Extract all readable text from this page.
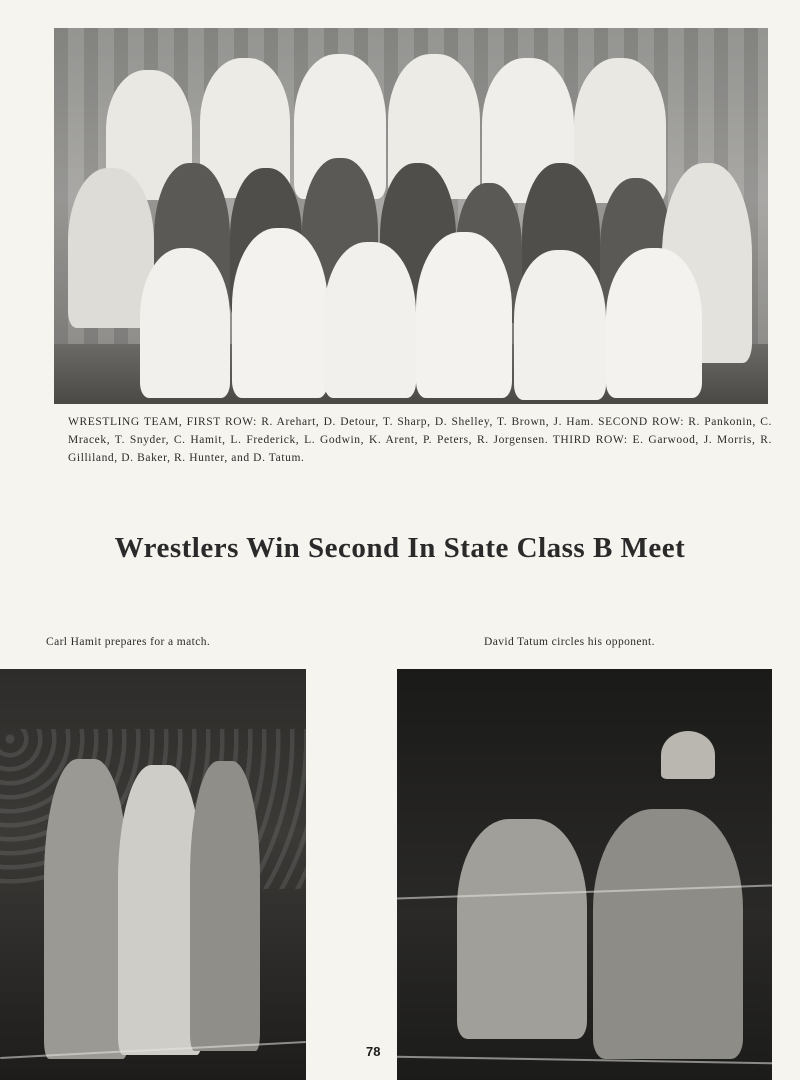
WRESTLING TEAM, FIRST ROW: R. Arehart, D. Detour, T. Sharp, D. Shelley, T. Brown, J. Ham. SECOND ROW: R. Pankonin, C. Mracek, T. Snyder, C. Hamit, L. Frederick, L. Godwin, K. Arent, P. Peters, R. Jorgensen. THIRD ROW: E. Garwood, J. Morris, R. Gilliland, D. Baker, R. Hunter, and D. Tatum.
Wrestlers Win Second In State Class B Meet
Carl Hamit prepares for a match.	David Tatum circles his opponent.
78
